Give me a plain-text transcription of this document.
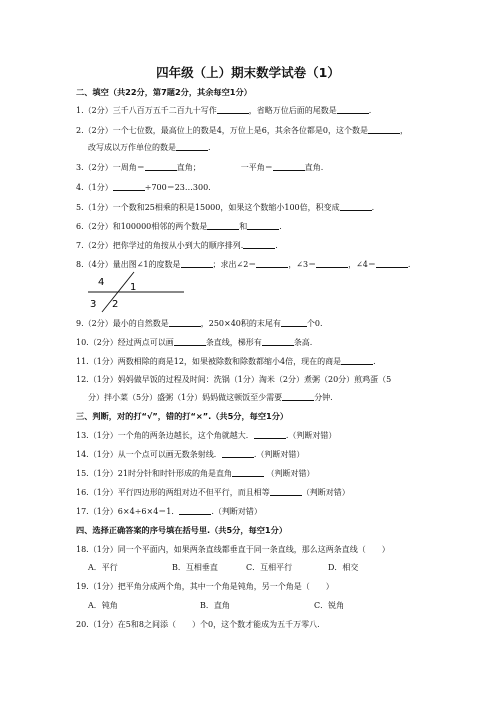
四年级（上）期末数学试卷（1）
二、填空（共22分，第7题2分，其余每空1分）
1.（2分）三千八百万五千二百九十写作	，省略万位后面的尾数是	.
2.（2分）一个七位数，最高位上的数是4，万位上是6，其余各位都是0，这个数是	，
改写成以万作单位的数是	.
3.（2分）一周角＝	直角；	一平角＝	直角.
4.（1分）	÷700＝23…300.
5.（1分）一个数和25相乘的积是15000，如果这个数缩小100倍，积变成	.
6.（2分）和100000相邻的两个数是	和	.
7.（2分）把你学过的角按从小到大的顺序排列.	.
8.（4分）量出图∠1的度数是	；求出∠2＝	，∠3＝	，∠4＝	.
4	1
3 2
9.（2分）最小的自然数是	，250×40积的末尾有	个0.
10.（2分）经过两点可以画	条直线，梯形有	条高.
11.（1分）两数相除的商是12，如果被除数和除数都缩小4倍，现在的商是	.
12.（1分）妈妈做早饭的过程及时间：洗锅（1分）淘米（2分）煮粥（20分）煎鸡蛋（5
分）拌小菜（5分）盛粥（1分）妈妈做这顿饭至少需要	分钟.
三、判断，对的打“√”，错的打“×”.（共5分，每空1分）
13.（1分）一个角的两条边越长，这个角就越大．	.（判断对错）
14.（1分）从一个点可以画无数条射线．	.（判断对错）
15.（1分）21时分针和时针形成的角是直角	（判断对错）
16.（1分）平行四边形的两组对边不但平行，而且相等	（判断对错）
17.（1分）6×4÷6×4＝1．	.（判断对错）
四、选择正确答案的序号填在括号里.（共5分，每空1分）
18.（1分）同一个平面内，如果两条直线都垂直于同一条直线，那么这两条直线（　　）
A．平行	B．互相垂直	C．互相平行	D．相交
19.（1分）把平角分成两个角，其中一个角是钝角，另一个角是（　　）
A．钝角	B．直角	C．锐角
20.（1分）在5和8之间添（　　）个0，这个数才能成为五千万零八.
